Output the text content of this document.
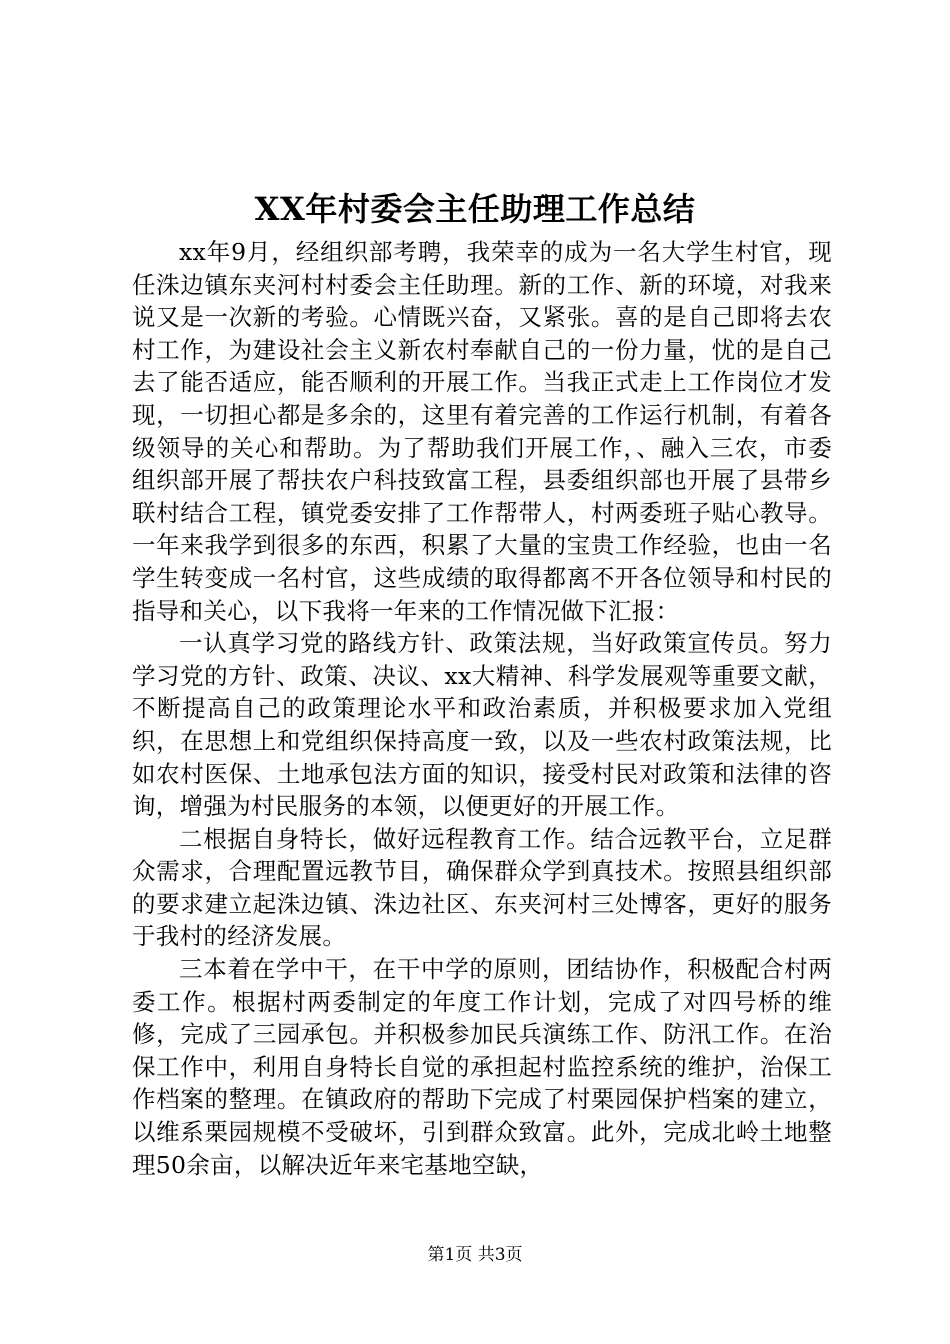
XX年村委会主任助理工作总结

xx年9月，经组织部考聘，我荣幸的成为一名大学生村官，现任洙边镇东夹河村村委会主任助理。新的工作、新的环境，对我来说又是一次新的考验。心情既兴奋，又紧张。喜的是自己即将去农村工作，为建设社会主义新农村奉献自己的一份力量，忧的是自己去了能否适应，能否顺利的开展工作。当我正式走上工作岗位才发现，一切担心都是多余的，这里有着完善的工作运行机制，有着各级领导的关心和帮助。为了帮助我们开展工作，、融入三农，市委组织部开展了帮扶农户科技致富工程，县委组织部也开展了县带乡联村结合工程，镇党委安排了工作帮带人，村两委班子贴心教导。一年来我学到很多的东西，积累了大量的宝贵工作经验，也由一名学生转变成一名村官，这些成绩的取得都离不开各位领导和村民的指导和关心，以下我将一年来的工作情况做下汇报：

一认真学习党的路线方针、政策法规，当好政策宣传员。努力学习党的方针、政策、决议、xx大精神、科学发展观等重要文献，不断提高自己的政策理论水平和政治素质，并积极要求加入党组织，在思想上和党组织保持高度一致，以及一些农村政策法规，比如农村医保、土地承包法方面的知识，接受村民对政策和法律的咨询，增强为村民服务的本领，以便更好的开展工作。

二根据自身特长，做好远程教育工作。结合远教平台，立足群众需求，合理配置远教节目，确保群众学到真技术。按照县组织部的要求建立起洙边镇、洙边社区、东夹河村三处博客，更好的服务于我村的经济发展。

三本着在学中干，在干中学的原则，团结协作，积极配合村两委工作。根据村两委制定的年度工作计划，完成了对四号桥的维修，完成了三园承包。并积极参加民兵演练工作、防汛工作。在治保工作中，利用自身特长自觉的承担起村监控系统的维护，治保工作档案的整理。在镇政府的帮助下完成了村栗园保护档案的建立，以维系栗园规模不受破坏，引到群众致富。此外，完成北岭土地整理50余亩，以解决近年来宅基地空缺，

第1页 共3页
